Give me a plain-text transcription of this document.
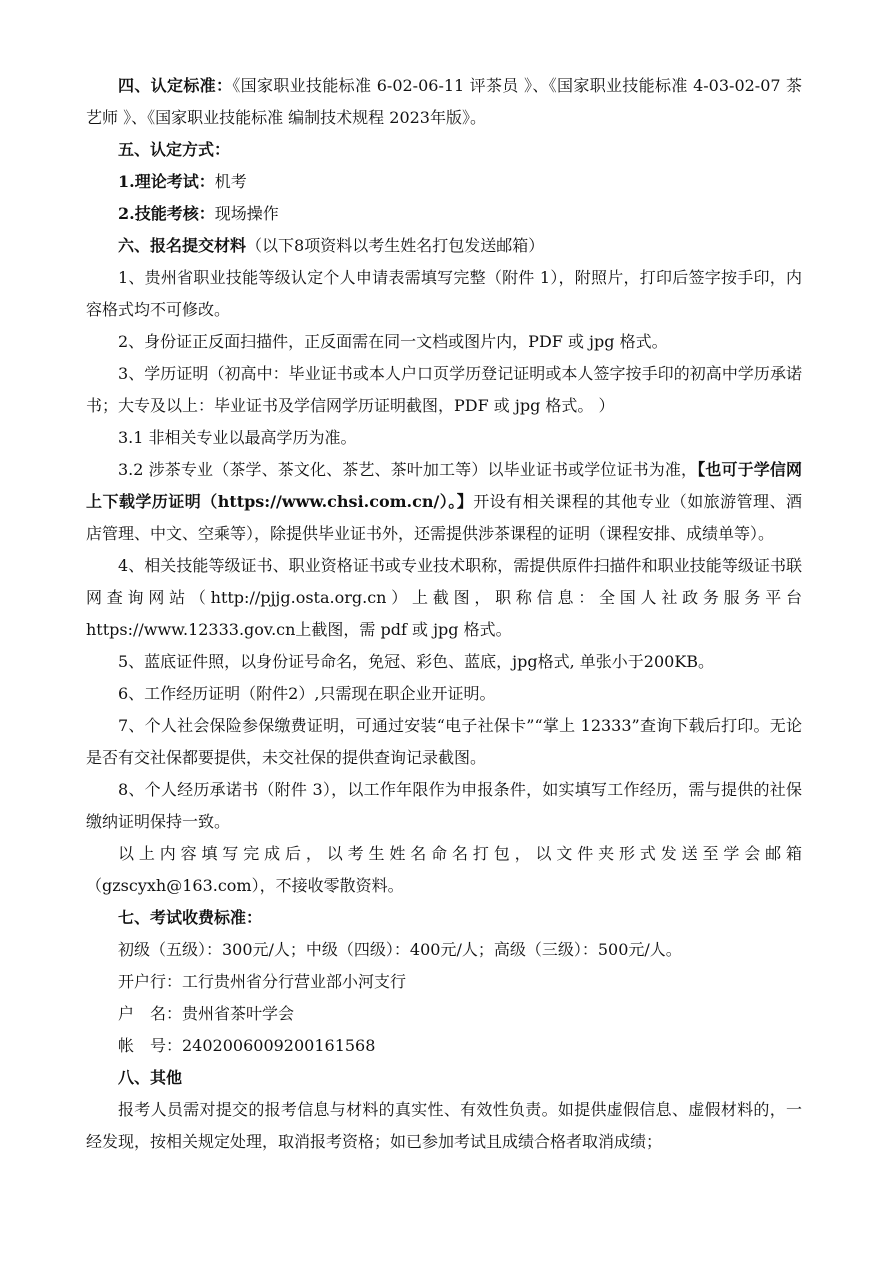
四、认定标准：《国家职业技能标准 6-02-06-11 评茶员 》、《国家职业技能标准 4-03-02-07 茶艺师 》、《国家职业技能标准 编制技术规程 2023年版》。

五、认定方式：

1.理论考试：机考

2.技能考核：现场操作

六、报名提交材料（以下8项资料以考生姓名打包发送邮箱）

1、贵州省职业技能等级认定个人申请表需填写完整（附件 1），附照片，打印后签字按手印，内容格式均不可修改。

2、身份证正反面扫描件，正反面需在同一文档或图片内，PDF 或 jpg 格式。

3、学历证明（初高中：毕业证书或本人户口页学历登记证明或本人签字按手印的初高中学历承诺书；大专及以上：毕业证书及学信网学历证明截图，PDF 或 jpg 格式。 ）

3.1 非相关专业以最高学历为准。

3.2 涉茶专业（茶学、茶文化、茶艺、茶叶加工等）以毕业证书或学位证书为准，【也可于学信网上下载学历证明（https://www.chsi.com.cn/）。】开设有相关课程的其他专业（如旅游管理、酒店管理、中文、空乘等），除提供毕业证书外，还需提供涉茶课程的证明（课程安排、成绩单等）。

4、相关技能等级证书、职业资格证书或专业技术职称，需提供原件扫描件和职业技能等级证书联网查询网站（http://pjjg.osta.org.cn）上截图，职称信息：全国人社政务服务平台https://www.12333.gov.cn上截图，需 pdf 或 jpg 格式。

5、蓝底证件照，以身份证号命名，免冠、彩色、蓝底，jpg格式, 单张小于200KB。

6、工作经历证明（附件2）,只需现在职企业开证明。

7、个人社会保险参保缴费证明，可通过安装“电子社保卡”“掌上 12333”查询下载后打印。无论是否有交社保都要提供，未交社保的提供查询记录截图。

8、个人经历承诺书（附件 3），以工作年限作为申报条件，如实填写工作经历，需与提供的社保缴纳证明保持一致。

以上内容填写完成后，以考生姓名命名打包，以文件夹形式发送至学会邮箱（gzscyxh@163.com），不接收零散资料。

七、考试收费标准：

初级（五级）：300元/人；中级（四级）：400元/人；高级（三级）：500元/人。

开户行：工行贵州省分行营业部小河支行

户　名：贵州省茶叶学会

帐　号：2402006009200161568

八、其他

报考人员需对提交的报考信息与材料的真实性、有效性负责。如提供虚假信息、虚假材料的，一经发现，按相关规定处理，取消报考资格；如已参加考试且成绩合格者取消成绩；
